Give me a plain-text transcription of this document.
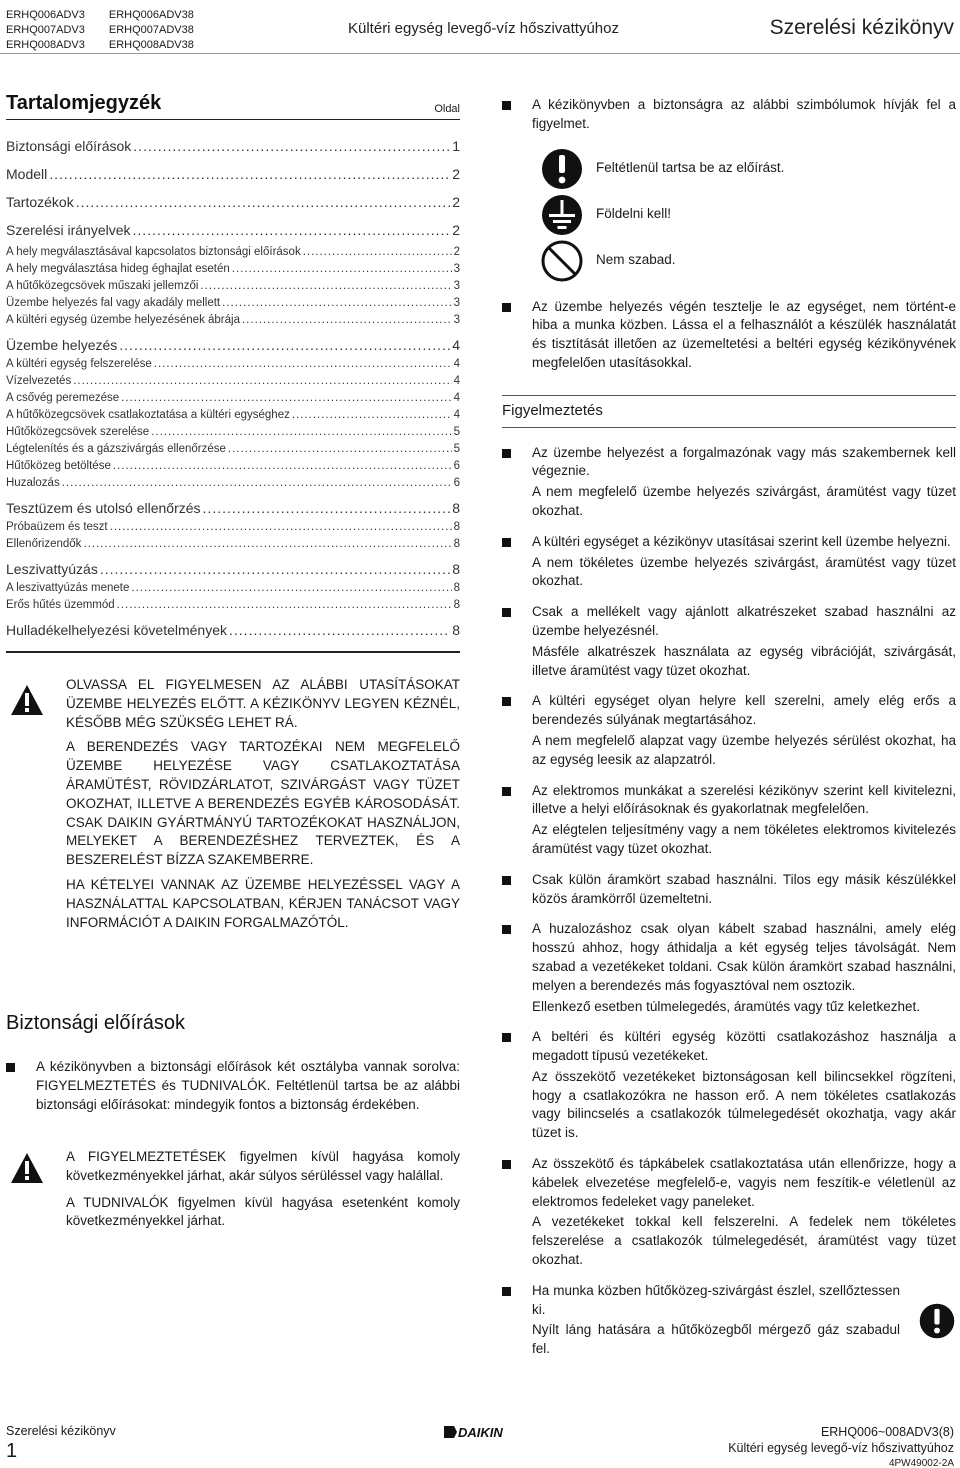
ERHQ006ADV3
ERHQ007ADV3
ERHQ008ADV3
ERHQ006ADV38
ERHQ007ADV38
ERHQ008ADV38
Kültéri egység levegő-víz hőszivattyúhoz	Szerelési kézikönyv
Tartalomjegyzék	Oldal
Biztonsági előírások .....	1
Modell .....	2
Tartozékok .....	2
Szerelési irányelvek .....	2
A hely megválasztásával kapcsolatos biztonsági előírások .....	2
A hely megválasztása hideg éghajlat esetén .....	3
A hűtőközegcsövek műszaki jellemzői .....	3
Üzembe helyezés fal vagy akadály mellett .....	3
A kültéri egység üzembe helyezésének ábrája .....	3
Üzembe helyezés .....	4
A kültéri egység felszerelése .....	4
Vízelvezetés .....	4
A csővég peremezése .....	4
A hűtőközegcsövek csatlakoztatása a kültéri egységhez .....	4
Hűtőközegcsövek szerelése .....	5
Légtelenítés és a gázszivárgás ellenőrzése .....	5
Hűtőközeg betöltése .....	6
Huzalozás .....	6
Tesztüzem és utolsó ellenőrzés .....	8
Próbaüzem és teszt .....	8
Ellenőrizendők .....	8
Leszivattyúzás .....	8
A leszivattyúzás menete .....	8
Erős hűtés üzemmód .....	8
Hulladékelhelyezési követelmények .....	8

OLVASSA EL FIGYELMESEN AZ ALÁBBI UTASÍTÁSOKAT ÜZEMBE HELYEZÉS ELŐTT. A KÉZIKÖNYV LEGYEN KÉZNÉL, KÉSŐBB MÉG SZÜKSÉG LEHET RÁ.

A BERENDEZÉS VAGY TARTOZÉKAI NEM MEGFELELŐ ÜZEMBE HELYEZÉSE VAGY CSATLAKOZTATÁSA ÁRAMÜTÉST, RÖVIDZÁRLATOT, SZIVÁRGÁST VAGY TÜZET OKOZHAT, ILLETVE A BERENDEZÉS EGYÉB KÁROSODÁSÁT. CSAK DAIKIN GYÁRTMÁNYÚ TARTOZÉKOKAT HASZNÁLJON, MELYEKET A BERENDEZÉSHEZ TERVEZTEK, ÉS A BESZERELÉST BÍZZA SZAKEMBERRE.

HA KÉTELYEI VANNAK AZ ÜZEMBE HELYEZÉSSEL VAGY A HASZNÁLATTAL KAPCSOLATBAN, KÉRJEN TANÁCSOT VAGY INFORMÁCIÓT A DAIKIN FORGALMAZÓTÓL.

Biztonsági előírások
A kézikönyvben a biztonsági előírások két osztályba vannak sorolva: FIGYELMEZTETÉS és TUDNIVALÓK. Feltétlenül tartsa be az alábbi biztonsági előírásokat: mindegyik fontos a biztonság érdekében.

A FIGYELMEZTETÉSEK figyelmen kívül hagyása komoly következményekkel járhat, akár súlyos sérüléssel vagy halállal.

A TUDNIVALÓK figyelmen kívül hagyása esetenként komoly következményekkel járhat.

A kézikönyvben a biztonságra az alábbi szimbólumok hívják fel a figyelmet.
Feltétlenül tartsa be az előírást.
Földelni kell!
Nem szabad.
Az üzembe helyezés végén tesztelje le az egységet, nem történt-e hiba a munka közben. Lássa el a felhasználót a készülék használatát és tisztítását illetően az üzemeltetési a beltéri egység kézikönyvének megfelelően utasításokkal.
Figyelmeztetés

Az üzembe helyezést a forgalmazónak vagy más szakembernek kell végeznie.

A nem megfelelő üzembe helyezés szivárgást, áramütést vagy tüzet okozhat.

A kültéri egységet a kézikönyv utasításai szerint kell üzembe helyezni.

A nem tökéletes üzembe helyezés szivárgást, áramütést vagy tüzet okozhat.

Csak a mellékelt vagy ajánlott alkatrészeket szabad használni az üzembe helyezésnél.

Másféle alkatrészek használata az egység vibrációját, szivárgását, illetve áramütést vagy tüzet okozhat.

A kültéri egységet olyan helyre kell szerelni, amely elég erős a berendezés súlyának megtartásához.

A nem megfelelő alapzat vagy üzembe helyezés sérülést okozhat, ha az egység leesik az alapzatról.

Az elektromos munkákat a szerelési kézikönyv szerint kell kivitelezni, illetve a helyi előírásoknak és gyakorlatnak megfelelően.

Az elégtelen teljesítmény vagy a nem tökéletes elektromos kivitelezés áramütést vagy tüzet okozhat.

Csak külön áramkört szabad használni. Tilos egy másik készülékkel közös áramkörről üzemeltetni.

A huzalozáshoz csak olyan kábelt szabad használni, amely elég hosszú ahhoz, hogy áthidalja a két egység teljes távolságát. Nem szabad a vezetékeket toldani. Csak külön áramkört szabad használni, melyen a berendezés más fogyasztóval nem osztozik.

Ellenkező esetben túlmelegedés, áramütés vagy tűz keletkezhet.

A beltéri és kültéri egység közötti csatlakozáshoz használja a megadott típusú vezetékeket.

Az összekötő vezetékeket biztonságosan kell bilincsekkel rögzíteni, hogy a csatlakozókra ne hasson erő. A nem tökéletes csatlakozás vagy bilincselés a csatlakozók túlmelegedését okozhatja, vagy akár tüzet is.

Az összekötő és tápkábelek csatlakoztatása után ellenőrizze, hogy a kábelek elvezetése megfelelő-e, vagyis nem feszítik-e véletlenül az elektromos fedeleket vagy paneleket.

A vezetékeket tokkal kell felszerelni. A fedelek nem tökéletes felszerelése a csatlakozók túlmelegedését, áramütést vagy tüzet okozhat.

Ha munka közben hűtőközeg-szivárgást észlel, szellőztessen ki.

Nyílt láng hatására a hűtőközegből mérgező gáz szabadul fel.

Szerelési kézikönyv
1
DAIKIN	ERHQ006~008ADV3(8)
Kültéri egység levegő-víz hőszivattyúhoz
4PW49002-2A
